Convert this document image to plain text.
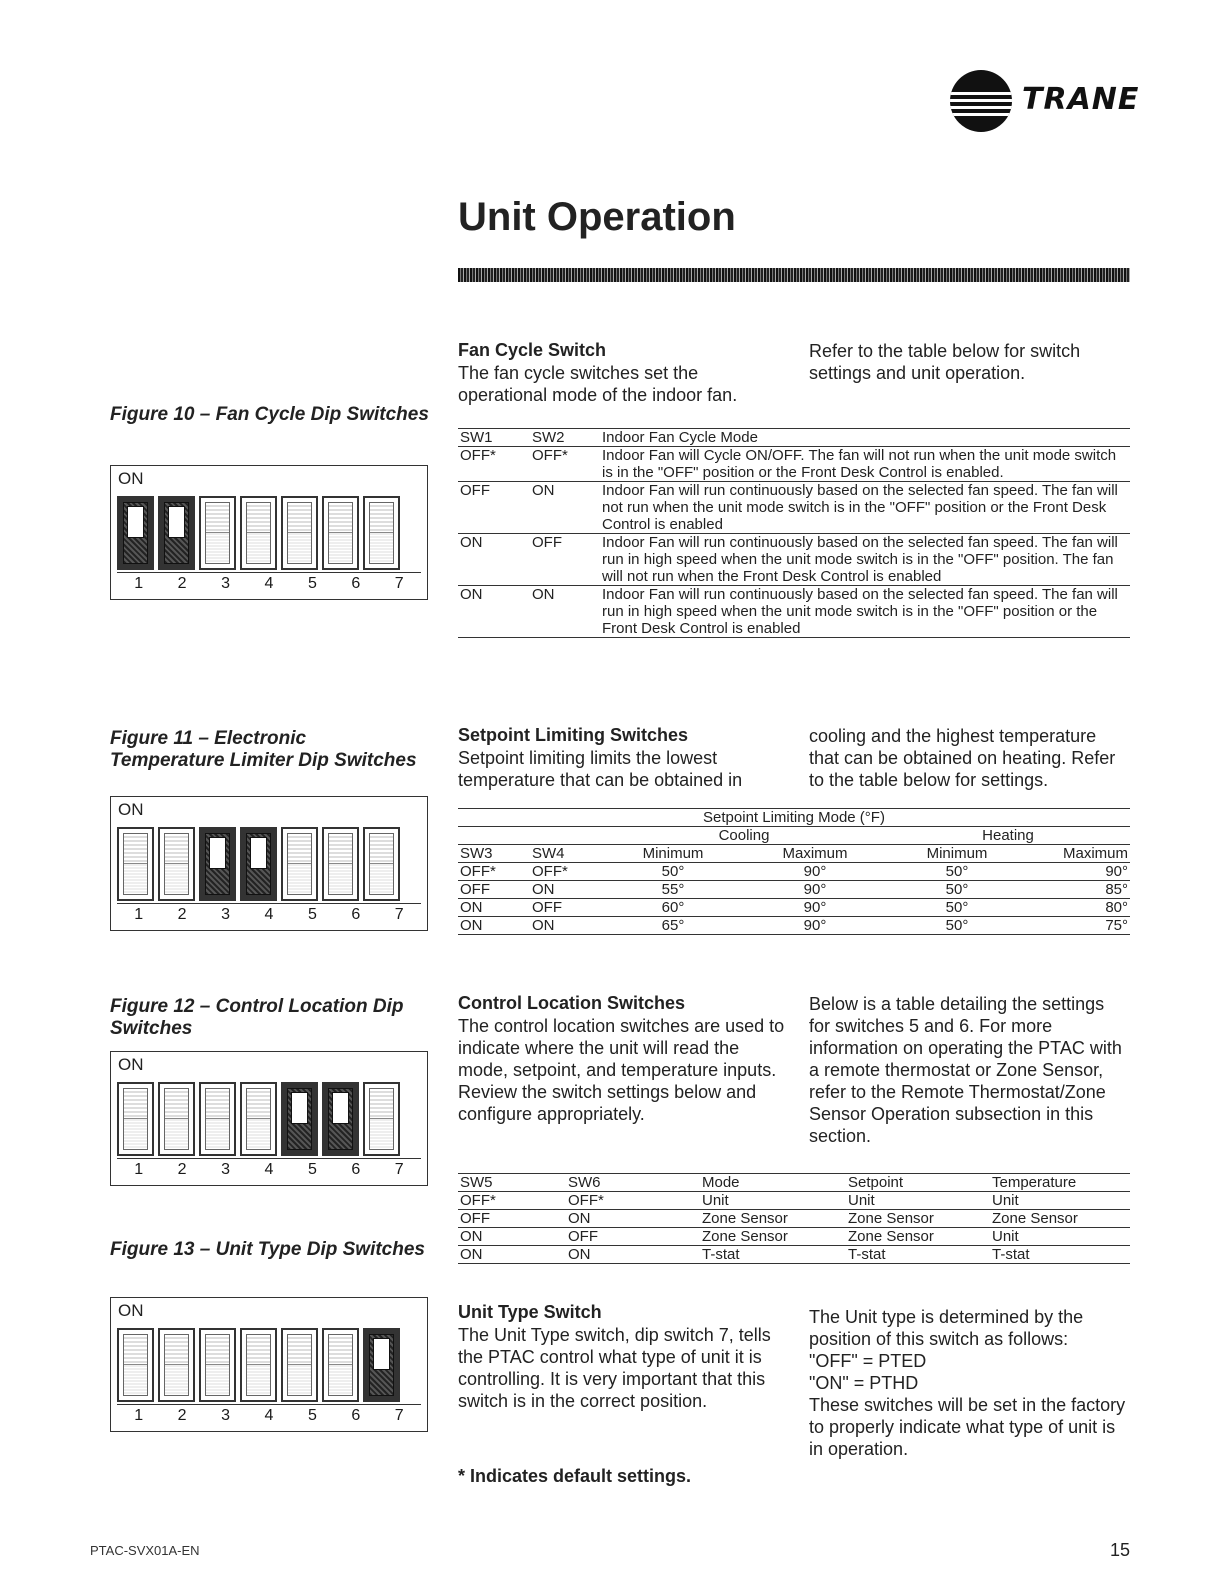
TRANE
Unit Operation
Figure 10 – Fan Cycle Dip Switches
ON
1	2	3	4	5	6	7
Figure 11 – Electronic Temperature Limiter Dip Switches
ON
1	2	3	4	5	6	7
Figure 12 – Control Location Dip Switches
ON
1	2	3	4	5	6	7
Figure 13 – Unit Type Dip Switches
ON
1	2	3	4	5	6	7
Fan Cycle Switch
The fan cycle switches set the operational mode of the indoor fan.
Refer to the table below for switch settings and unit operation.
SW1	SW2	Indoor Fan Cycle Mode
OFF*	OFF*	Indoor Fan will Cycle ON/OFF. The fan will not run when the unit mode switch is in the "OFF" position or the Front Desk Control is enabled.
OFF	ON	Indoor Fan will run continuously based on the selected fan speed. The fan will not run when the unit mode switch is in the "OFF" position or the Front Desk Control is enabled
ON	OFF	Indoor Fan will run continuously based on the selected fan speed. The fan will run in high speed when the unit mode switch is in the "OFF" position. The fan will not run when the Front Desk Control is enabled
ON	ON	Indoor Fan will run continuously based on the selected fan speed. The fan will run in high speed when the unit mode switch is in the "OFF" position or the Front Desk Control is enabled
Setpoint Limiting Switches
Setpoint limiting limits the lowest temperature that can be obtained in
cooling and the highest temperature that can be obtained on heating. Refer to the table below for settings.
Setpoint Limiting Mode (°F)					
		Cooling		Heating	
SW3	SW4	Minimum	Maximum	Minimum	Maximum
OFF*	OFF*	50°	90°	50°	90°
OFF	ON	55°	90°	50°	85°
ON	OFF	60°	90°	50°	80°
ON	ON	65°	90°	50°	75°
Control Location Switches
The control location switches are used to indicate where the unit will read the mode, setpoint, and temperature inputs. Review the switch settings below and configure appropriately.
Below is a table detailing the settings for switches 5 and 6. For more information on operating the PTAC with a remote thermostat or Zone Sensor, refer to the Remote Thermostat/Zone Sensor Operation subsection in this section.
SW5	SW6	Mode	Setpoint	Temperature
OFF*	OFF*	Unit	Unit	Unit
OFF	ON	Zone Sensor	Zone Sensor	Zone Sensor
ON	OFF	Zone Sensor	Zone Sensor	Unit
ON	ON	T-stat	T-stat	T-stat
Unit Type Switch
The Unit Type switch, dip switch 7, tells the PTAC control what type of unit it is controlling. It is very important that this switch is in the correct position.
The Unit type is determined by the position of this switch as follows:
"OFF" = PTED
"ON" = PTHD
These switches will be set in the factory to properly indicate what type of unit is in operation.
* Indicates default settings.
PTAC-SVX01A-EN	15
